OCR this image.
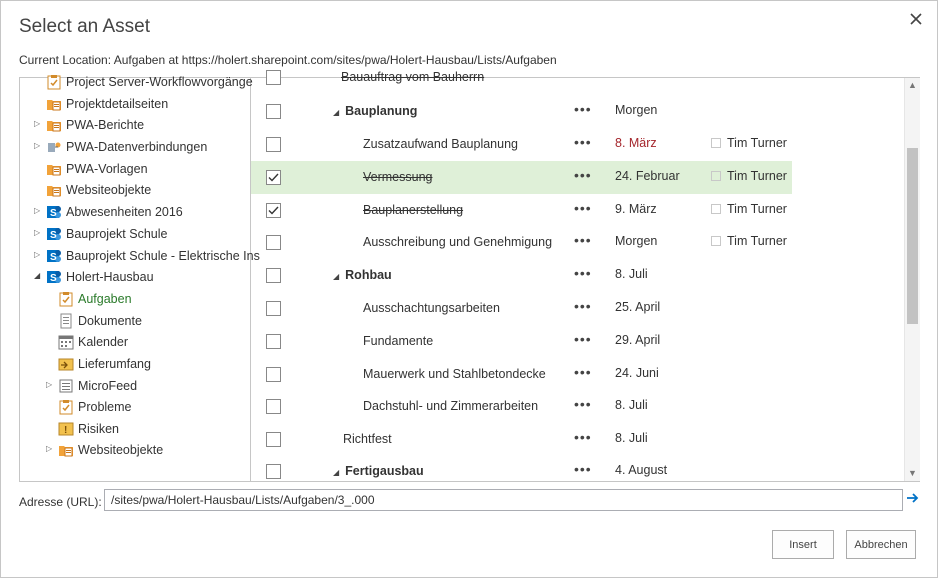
Select an Asset
Current Location: Aufgaben at https://holert.sharepoint.com/sites/pwa/Holert-Hausbau/Lists/Aufgaben
Project Server-Workflowvorgänge
Projektdetailseiten
▷	PWA-Berichte
▷	PWA-Datenverbindungen
PWA-Vorlagen
Websiteobjekte
▷ S Abwesenheiten 2016
▷ S Bauprojekt Schule
▷ S Bauprojekt Schule - Elektrische Ins
◢ S Holert-Hausbau
Aufgaben
Dokumente
Kalender
Lieferumfang
▷	MicroFeed
Probleme
! Risiken
▷	Websiteobjekte
Bauauftrag vom Bauherrn
◢ Bauplanung	••• Morgen
Zusatzaufwand Bauplanung	••• 8. März	Tim Turner
Vermessung	••• 24. Februar	Tim Turner
Bauplanerstellung	••• 9. März	Tim Turner
Ausschreibung und Genehmigung ••• Morgen	Tim Turner
◢ Rohbau	••• 8. Juli
Ausschachtungsarbeiten	••• 25. April
Fundamente	••• 29. April
Mauerwerk und Stahlbetondecke ••• 24. Juni
Dachstuhl- und Zimmerarbeiten	••• 8. Juli
Richtfest	••• 8. Juli
◢ Fertigausbau	••• 4. August
▲
▼
Adresse (URL):
/sites/pwa/Holert-Hausbau/Lists/Aufgaben/3_.000
Insert	Abbrechen
